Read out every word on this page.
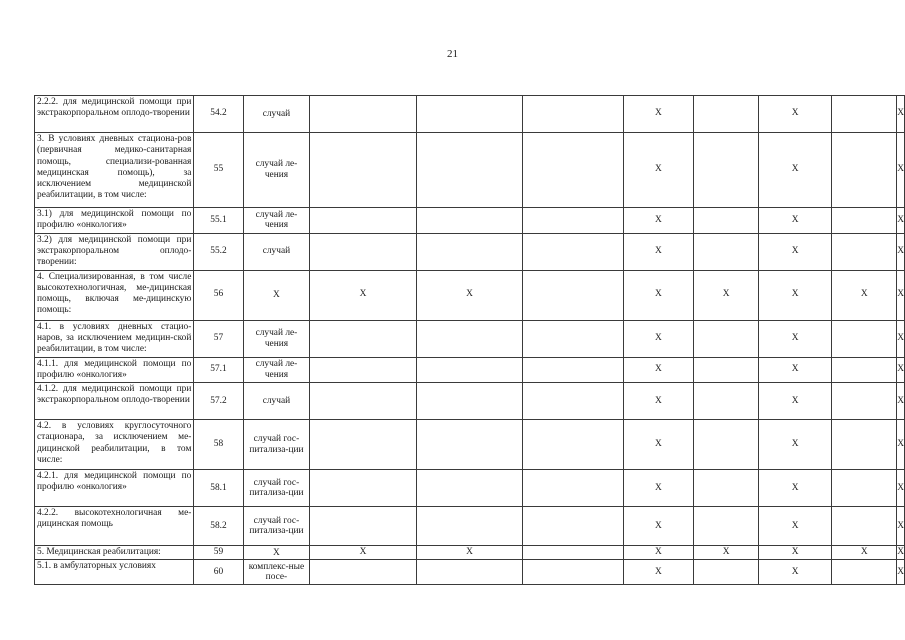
21
2.2.2. для медицинской помощи при экстракорпоральном оплодо-творении	54.2	случай				Х		Х		Х
3. В условиях дневных стациона-ров (первичная медико-санитарная помощь, специализи-рованная медицинская помощь), за исключением медицинской реабилитации, в том числе:	55	случай ле-чения				Х		Х		Х
3.1) для медицинской помощи по профилю «онкология»	55.1	случай ле-чения				Х		Х		Х
3.2) для медицинской помощи при экстракорпоральном оплодо-творении:	55.2	случай				Х		Х		Х
4. Специализированная, в том числе высокотехнологичная, ме-дицинская помощь, включая ме-дицинскую помощь:	56	Х	Х	Х		Х	Х	Х	Х	Х
4.1. в условиях дневных стацио-наров, за исключением медицин-ской реабилитации, в том числе:	57	случай ле-чения				Х		Х		Х
4.1.1. для медицинской помощи по профилю «онкология»	57.1	случай ле-чения				Х		Х		Х
4.1.2. для медицинской помощи при экстракорпоральном оплодо-творении	57.2	случай				Х		Х		Х
4.2. в условиях круглосуточного стационара, за исключением ме-дицинской реабилитации, в том числе:	58	случай гос-питализа-ции				Х		Х		Х
4.2.1. для медицинской помощи по профилю «онкология»	58.1	случай гос-питализа-ции				Х		Х		Х
4.2.2. высокотехнологичная ме-дицинская помощь	58.2	случай гос-питализа-ции				Х		Х		Х
5. Медицинская реабилитация:	59	Х	Х	Х		Х	Х	Х	Х	Х
5.1. в амбулаторных условиях	60	комплекс-ные посе-				Х		Х		Х
